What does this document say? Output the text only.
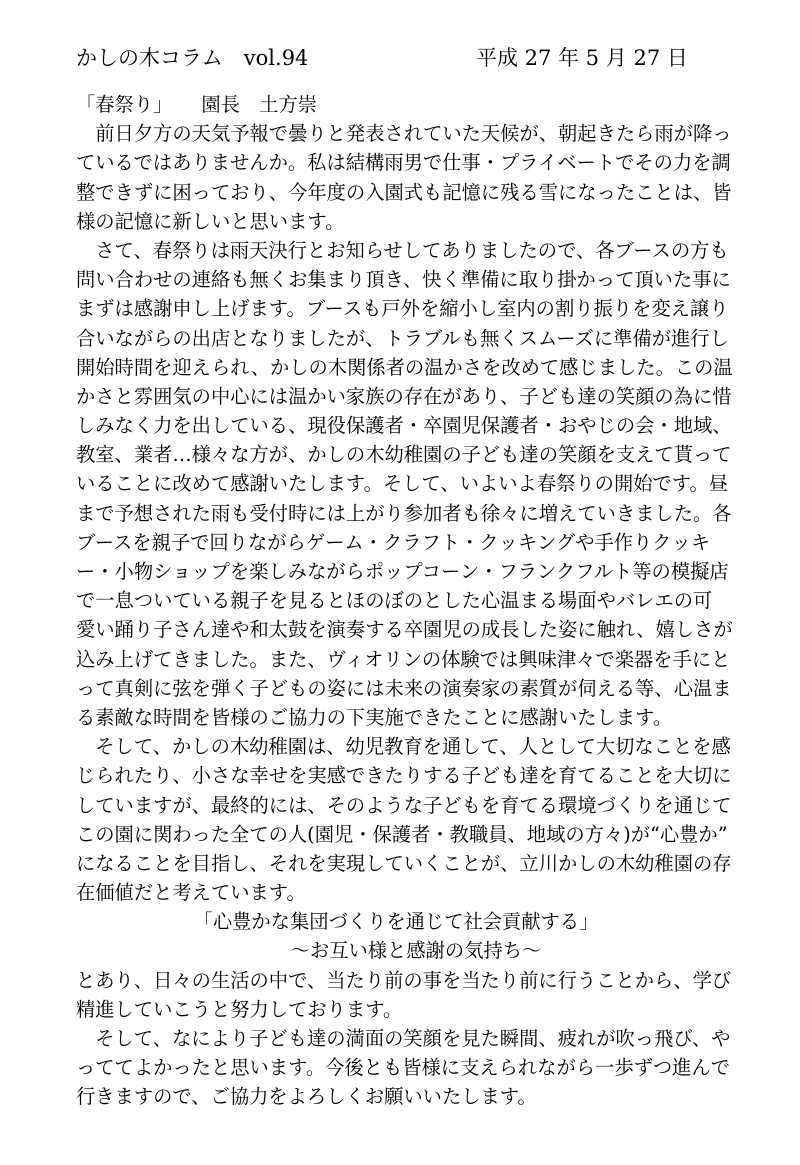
かしの木コラム　vol.94	平成 27 年 5 月 27 日
「春祭り」　　園長　土方崇
　前日夕方の天気予報で曇りと発表されていた天候が、朝起きたら雨が降っ
ているではありませんか。私は結構雨男で仕事・プライベートでその力を調
整できずに困っており、今年度の入園式も記憶に残る雪になったことは、皆
様の記憶に新しいと思います。
　さて、春祭りは雨天決行とお知らせしてありましたので、各ブースの方も
問い合わせの連絡も無くお集まり頂き、快く準備に取り掛かって頂いた事に
まずは感謝申し上げます。ブースも戸外を縮小し室内の割り振りを変え譲り
合いながらの出店となりましたが、トラブルも無くスムーズに準備が進行し
開始時間を迎えられ、かしの木関係者の温かさを改めて感じました。この温
かさと雰囲気の中心には温かい家族の存在があり、子ども達の笑顔の為に惜
しみなく力を出している、現役保護者・卒園児保護者・おやじの会・地域、
教室、業者…様々な方が、かしの木幼稚園の子ども達の笑顔を支えて貰って
いることに改めて感謝いたします。そして、いよいよ春祭りの開始です。昼
まで予想された雨も受付時には上がり参加者も徐々に増えていきました。各
ブースを親子で回りながらゲーム・クラフト・クッキングや手作りクッキ
ー・小物ショップを楽しみながらポップコーン・フランクフルト等の模擬店
で一息ついている親子を見るとほのぼのとした心温まる場面やバレエの可
愛い踊り子さん達や和太鼓を演奏する卒園児の成長した姿に触れ、嬉しさが
込み上げてきました。また、ヴィオリンの体験では興味津々で楽器を手にと
って真剣に弦を弾く子どもの姿には未来の演奏家の素質が伺える等、心温ま
る素敵な時間を皆様のご協力の下実施できたことに感謝いたします。
　そして、かしの木幼稚園は、幼児教育を通して、人として大切なことを感
じられたり、小さな幸せを実感できたりする子ども達を育てることを大切に
していますが、最終的には、そのような子どもを育てる環境づくりを通じて
この園に関わった全ての人(園児・保護者・教職員、地域の方々)が“心豊か”
になることを目指し、それを実現していくことが、立川かしの木幼稚園の存
在価値だと考えています。
「心豊かな集団づくりを通じて社会貢献する」
～お互い様と感謝の気持ち～
とあり、日々の生活の中で、当たり前の事を当たり前に行うことから、学び
精進していこうと努力しております。
　そして、なにより子ども達の満面の笑顔を見た瞬間、疲れが吹っ飛び、や
っててよかったと思います。今後とも皆様に支えられながら一歩ずつ進んで
行きますので、ご協力をよろしくお願いいたします。
